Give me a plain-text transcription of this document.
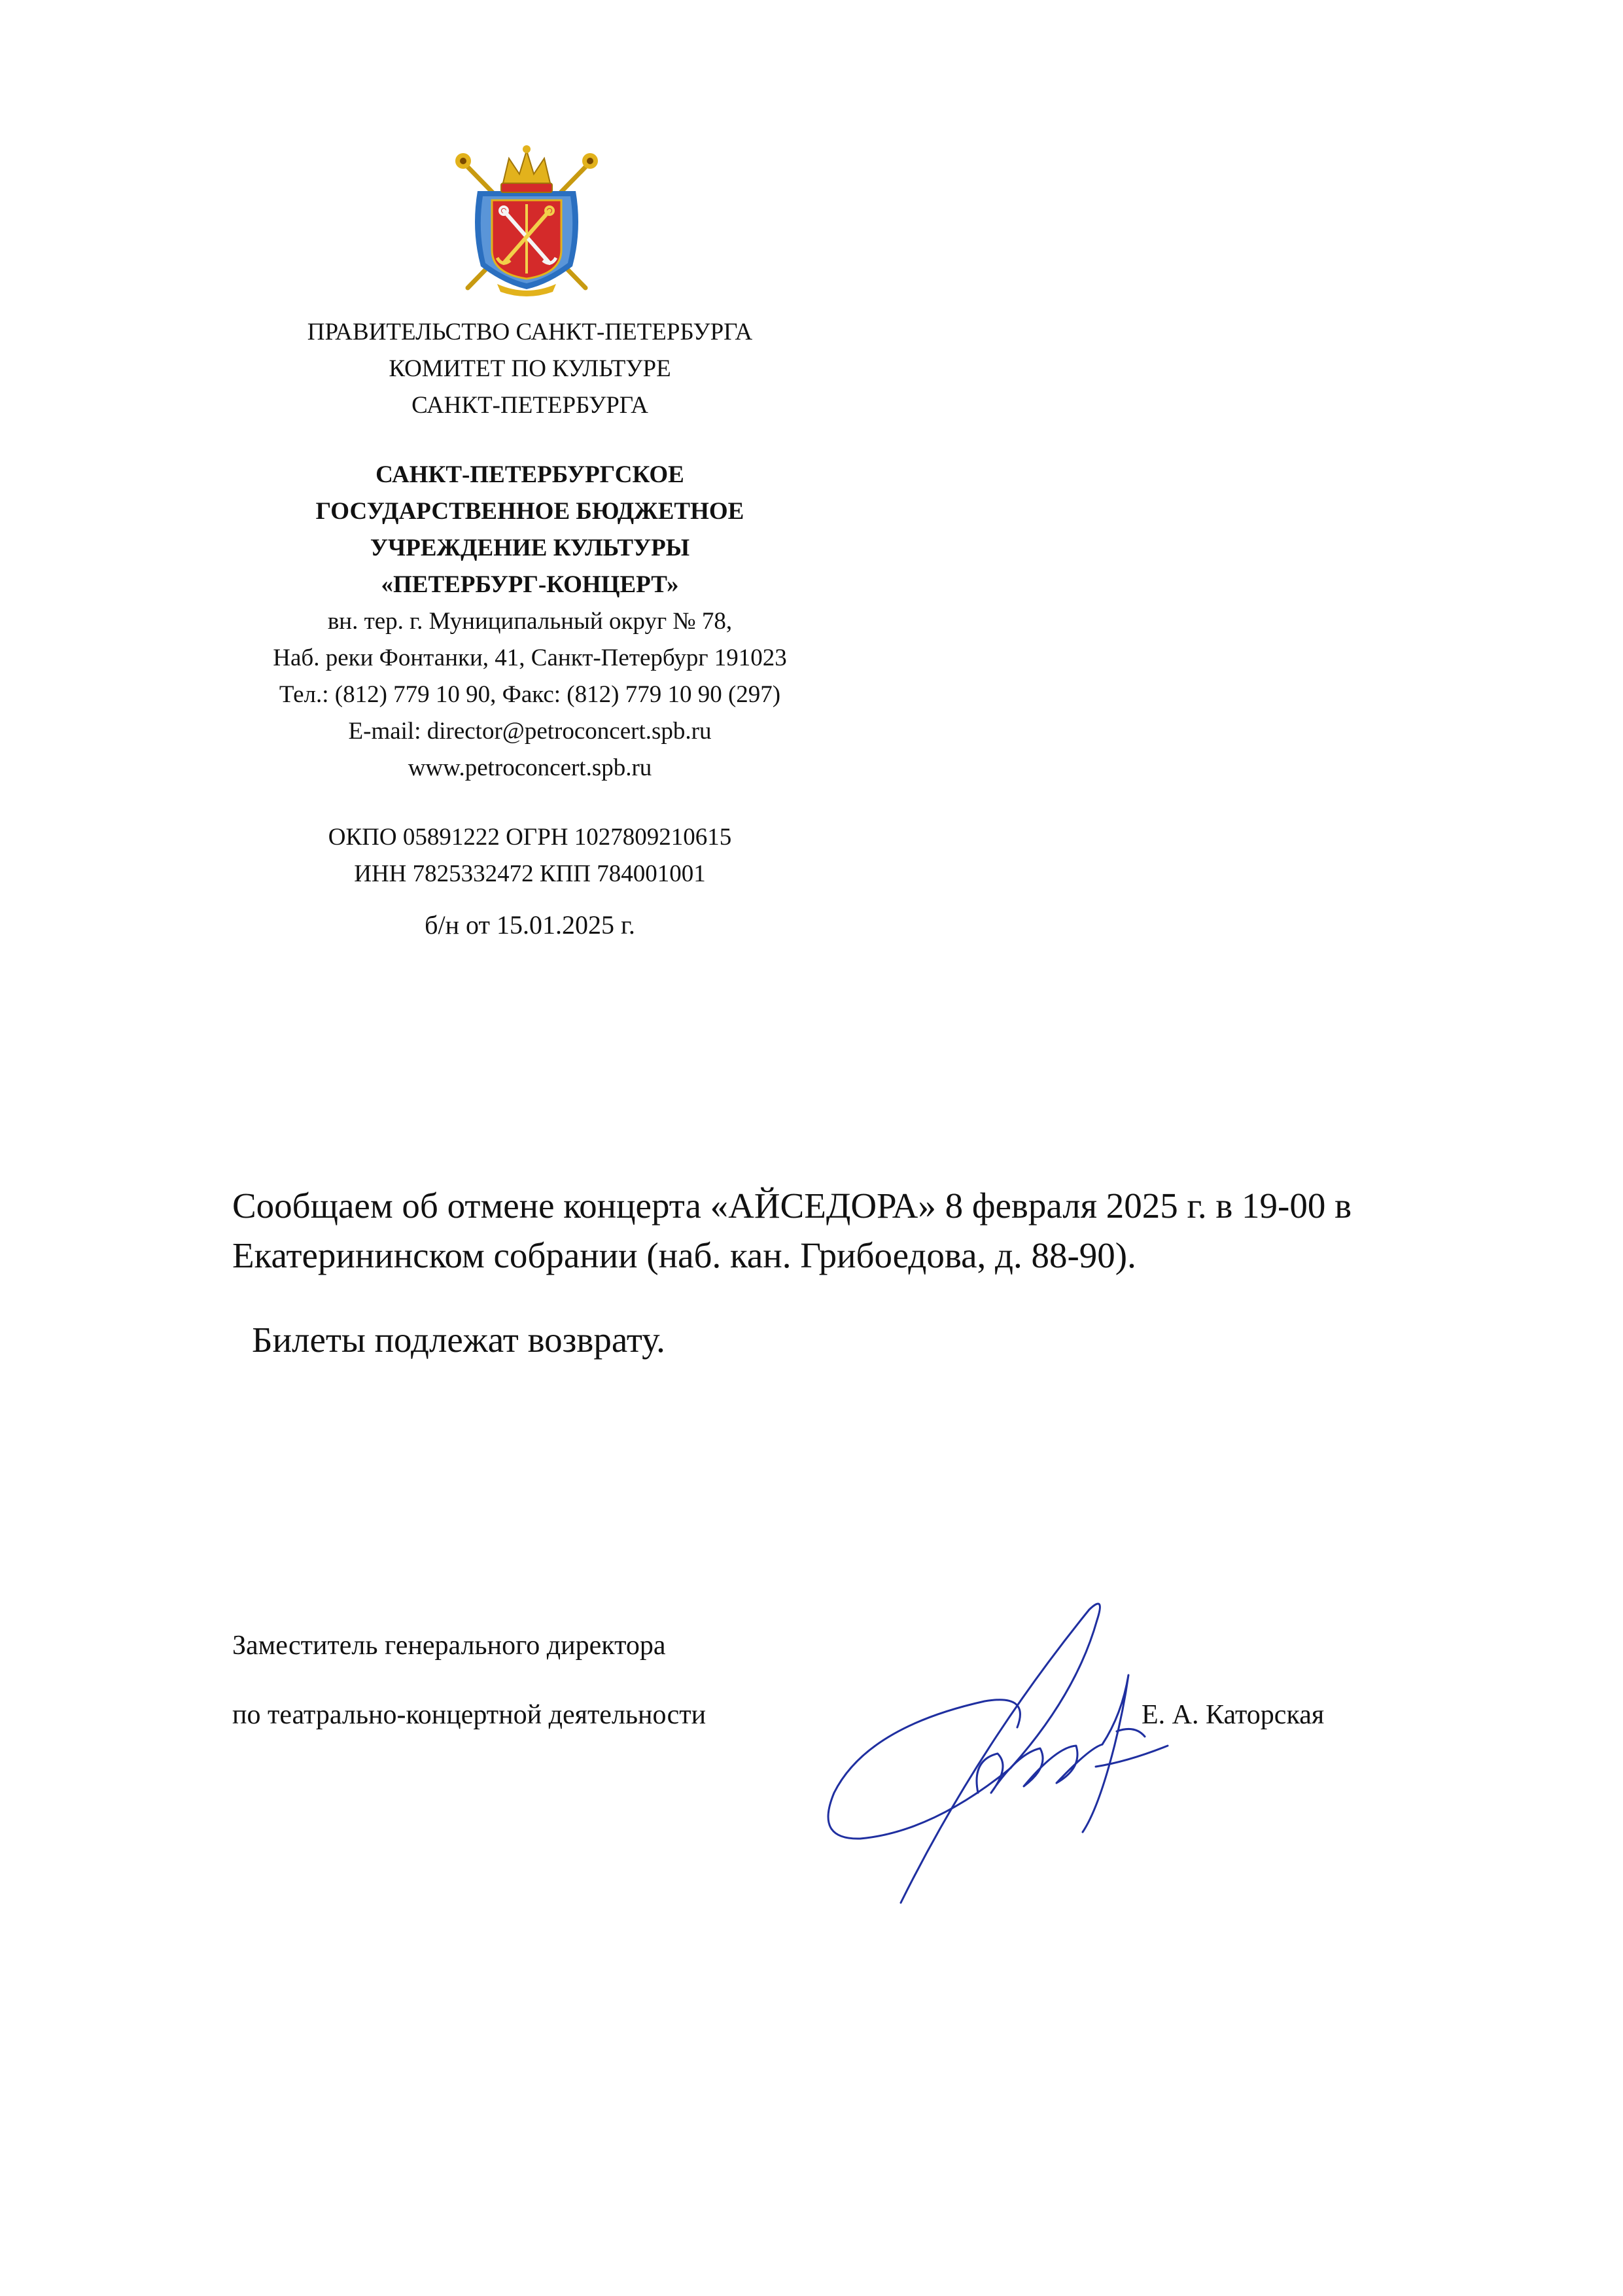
ПРАВИТЕЛЬСТВО САНКТ-ПЕТЕРБУРГА
КОМИТЕТ ПО КУЛЬТУРЕ
САНКТ-ПЕТЕРБУРГА
САНКТ-ПЕТЕРБУРГСКОЕ
ГОСУДАРСТВЕННОЕ БЮДЖЕТНОЕ
УЧРЕЖДЕНИЕ КУЛЬТУРЫ
«ПЕТЕРБУРГ-КОНЦЕРТ»
вн. тер. г. Муниципальный округ № 78,
Наб. реки Фонтанки, 41, Санкт-Петербург 191023
Тел.: (812) 779 10 90, Факс: (812) 779 10 90 (297)
E-mail: director@petroconcert.spb.ru
www.petroconcert.spb.ru
ОКПО 05891222 ОГРН 1027809210615
ИНН 7825332472 КПП 784001001
б/н от 15.01.2025 г.
Сообщаем об отмене концерта «АЙСЕДОРА» 8 февраля 2025 г. в 19-00 в
Екатерининском собрании (наб. кан. Грибоедова, д. 88-90).
Билеты подлежат возврату.
Заместитель генерального директора
по театрально-концертной деятельности	Е. А. Каторская
